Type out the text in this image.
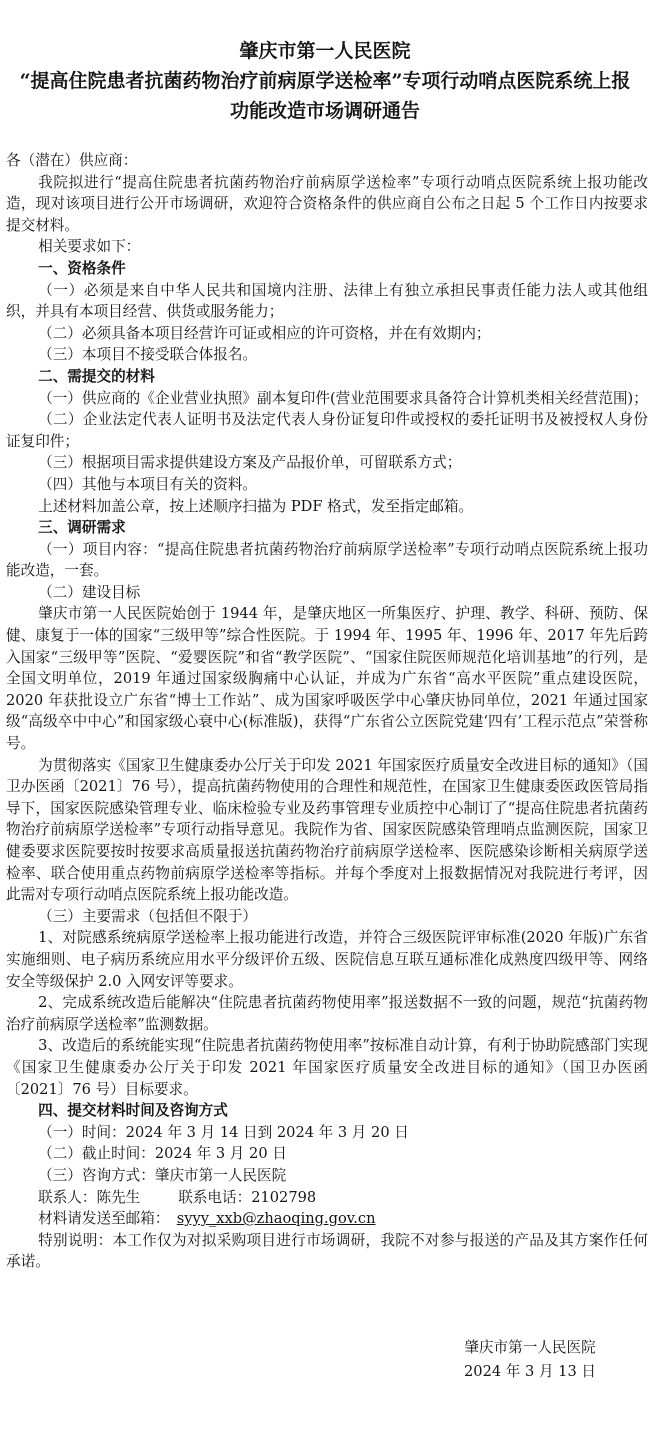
肇庆市第一人民医院
“提高住院患者抗菌药物治疗前病原学送检率”专项行动哨点医院系统上报
功能改造市场调研通告

各（潜在）供应商：

我院拟进行“提高住院患者抗菌药物治疗前病原学送检率”专项行动哨点医院系统上报功能改造，现对该项目进行公开市场调研，欢迎符合资格条件的供应商自公布之日起 5 个工作日内按要求提交材料。

相关要求如下：

一、资格条件

（一）必须是来自中华人民共和国境内注册、法律上有独立承担民事责任能力法人或其他组织，并具有本项目经营、供货或服务能力；

（二）必须具备本项目经营许可证或相应的许可资格，并在有效期内；

（三）本项目不接受联合体报名。

二、需提交的材料

（一）供应商的《企业营业执照》副本复印件(营业范围要求具备符合计算机类相关经营范围)；

（二）企业法定代表人证明书及法定代表人身份证复印件或授权的委托证明书及被授权人身份证复印件；

（三）根据项目需求提供建设方案及产品报价单，可留联系方式；

（四）其他与本项目有关的资料。

上述材料加盖公章，按上述顺序扫描为 PDF 格式，发至指定邮箱。

三、调研需求

（一）项目内容：“提高住院患者抗菌药物治疗前病原学送检率”专项行动哨点医院系统上报功能改造，一套。

（二）建设目标

肇庆市第一人民医院始创于 1944 年，是肇庆地区一所集医疗、护理、教学、科研、预防、保健、康复于一体的国家“三级甲等”综合性医院。于 1994 年、1995 年、1996 年、2017 年先后跨入国家“三级甲等”医院、“爱婴医院”和省“教学医院”、“国家住院医师规范化培训基地”的行列，是全国文明单位，2019 年通过国家级胸痛中心认证，并成为广东省“高水平医院”重点建设医院，2020 年获批设立广东省“博士工作站”、成为国家呼吸医学中心肇庆协同单位，2021 年通过国家级“高级卒中中心”和国家级心衰中心(标准版)，获得“广东省公立医院党建‘四有’工程示范点”荣誉称号。

为贯彻落实《国家卫生健康委办公厅关于印发 2021 年国家医疗质量安全改进目标的通知》（国卫办医函〔2021〕76 号），提高抗菌药物使用的合理性和规范性，在国家卫生健康委医政医管局指导下，国家医院感染管理专业、临床检验专业及药事管理专业质控中心制订了“提高住院患者抗菌药物治疗前病原学送检率”专项行动指导意见。我院作为省、国家医院感染管理哨点监测医院，国家卫健委要求医院要按时按要求高质量报送抗菌药物治疗前病原学送检率、医院感染诊断相关病原学送检率、联合使用重点药物前病原学送检率等指标。并每个季度对上报数据情况对我院进行考评，因此需对专项行动哨点医院系统上报功能改造。

（三）主要需求（包括但不限于）

1、对院感系统病原学送检率上报功能进行改造，并符合三级医院评审标准(2020 年版)广东省实施细则、电子病历系统应用水平分级评价五级、医院信息互联互通标准化成熟度四级甲等、网络安全等级保护 2.0 入网安评等要求。

2、完成系统改造后能解决“住院患者抗菌药物使用率”报送数据不一致的问题，规范“抗菌药物治疗前病原学送检率”监测数据。

3、改造后的系统能实现“住院患者抗菌药物使用率”按标准自动计算，有利于协助院感部门实现《国家卫生健康委办公厅关于印发 2021 年国家医疗质量安全改进目标的通知》（国卫办医函〔2021〕76 号）目标要求。

四、提交材料时间及咨询方式

（一）时间：2024 年 3 月 14 日到 2024 年 3 月 20 日

（二）截止时间：2024 年 3 月 20 日

（三）咨询方式：肇庆市第一人民医院

联系人：陈先生	联系电话：2102798

材料请发送至邮箱： syyy_xxb@zhaoqing.gov.cn

特别说明：本工作仅为对拟采购项目进行市场调研，我院不对参与报送的产品及其方案作任何承诺。

肇庆市第一人民医院
2024 年 3 月 13 日
